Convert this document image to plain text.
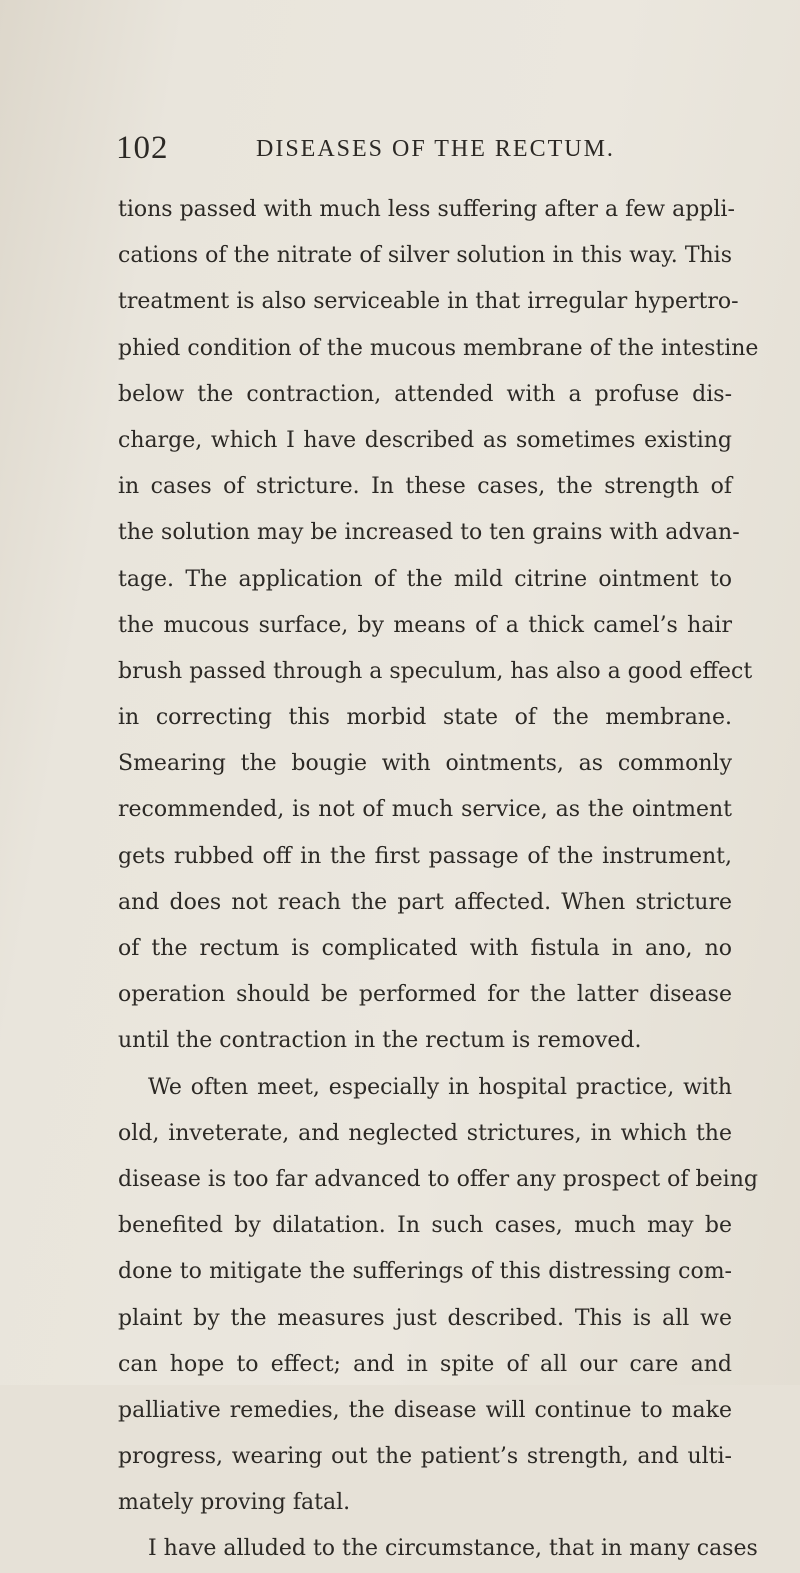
102	DISEASES OF THE RECTUM.
tions passed with much less suffering after a few appli-
cations of the nitrate of silver solution in this way. This
treatment is also serviceable in that irregular hypertro-
phied condition of the mucous membrane of the intestine
below the contraction, attended with a profuse dis-
charge, which I have described as sometimes existing
in cases of stricture. In these cases, the strength of
the solution may be increased to ten grains with advan-
tage. The application of the mild citrine ointment to
the mucous surface, by means of a thick camel’s hair
brush passed through a speculum, has also a good effect
in correcting this morbid state of the membrane.
Smearing the bougie with ointments, as commonly
recommended, is not of much service, as the ointment
gets rubbed off in the first passage of the instrument,
and does not reach the part affected. When stricture
of the rectum is complicated with fistula in ano, no
operation should be performed for the latter disease
until the contraction in the rectum is removed.
We often meet, especially in hospital practice, with
old, inveterate, and neglected strictures, in which the
disease is too far advanced to offer any prospect of being
benefited by dilatation. In such cases, much may be
done to mitigate the sufferings of this distressing com-
plaint by the measures just described. This is all we
can hope to effect; and in spite of all our care and
palliative remedies, the disease will continue to make
progress, wearing out the patient’s strength, and ulti-
mately proving fatal.
I have alluded to the circumstance, that in many cases
